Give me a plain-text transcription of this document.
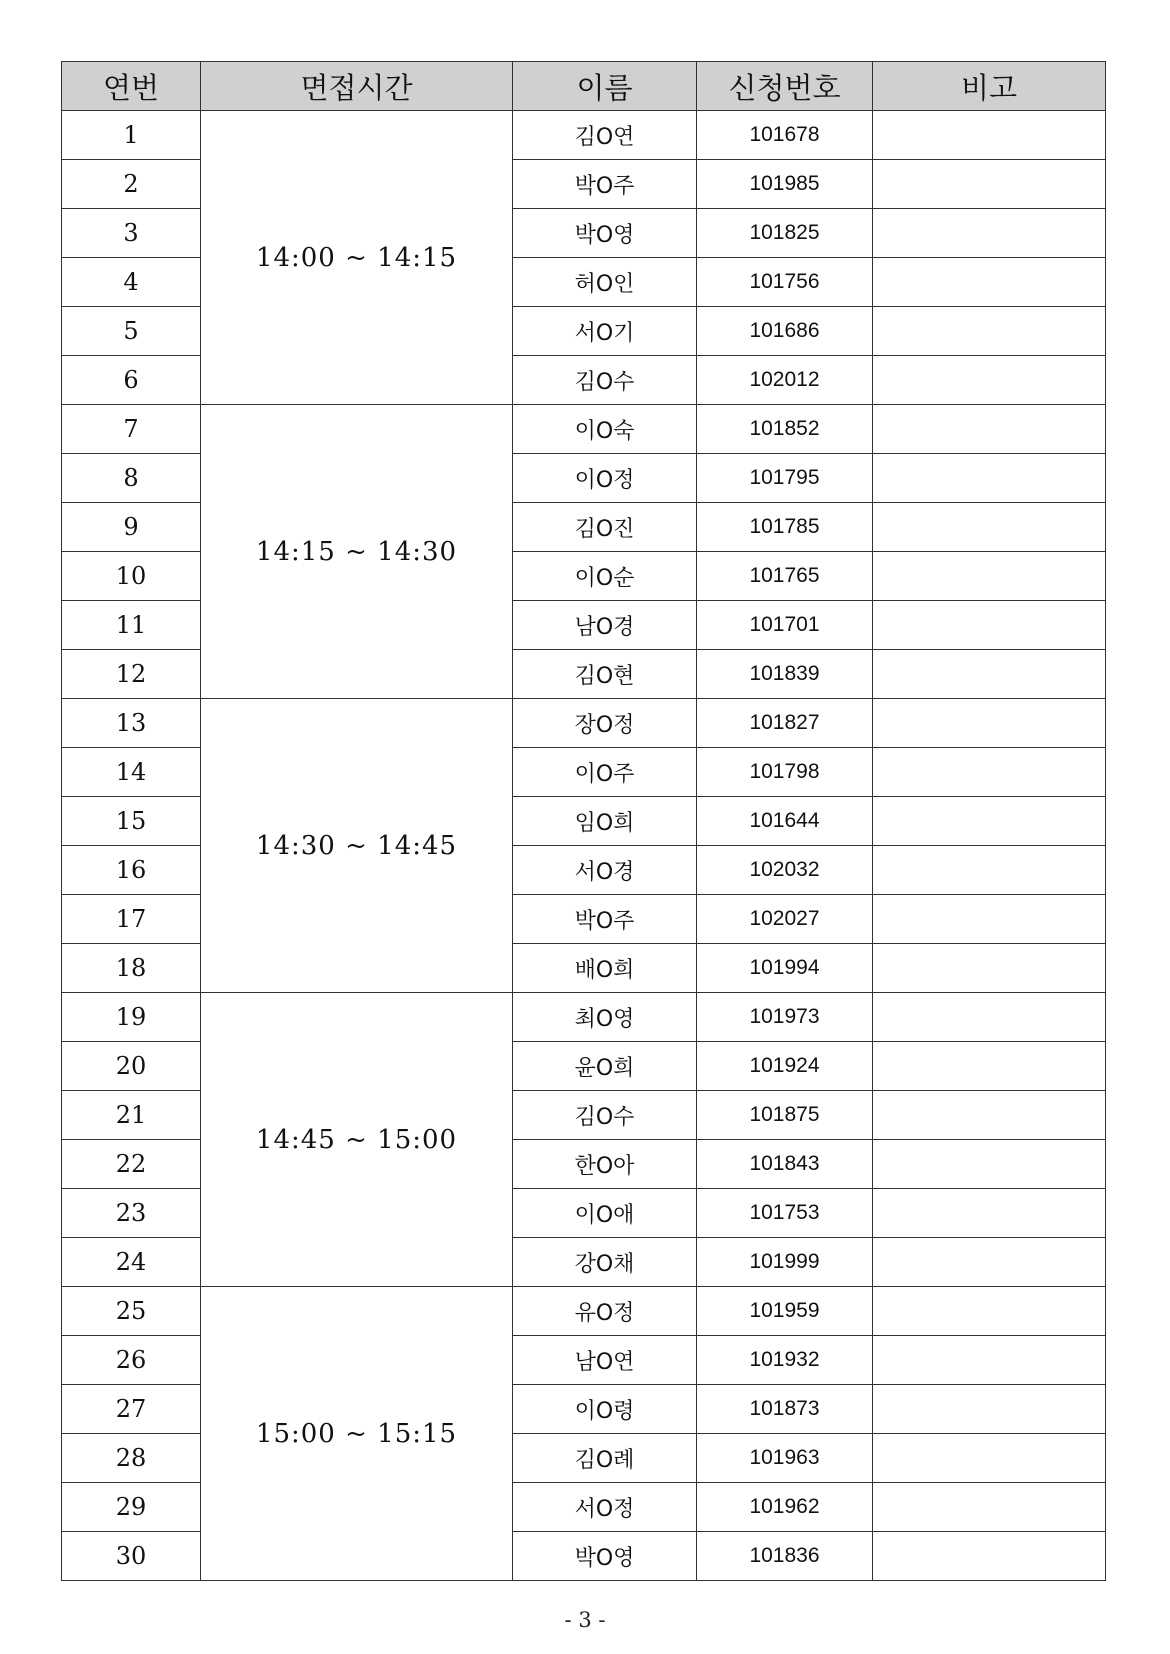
연번	면접시간	이름	신청번호	비고
1	14:00 ~ 14:15	김O연	101678	
2		박O주	101985	
3		박O영	101825	
4		허O인	101756	
5		서O기	101686	
6		김O수	102012	
7	14:15 ~ 14:30	이O숙	101852	
8		이O정	101795	
9		김O진	101785	
10		이O순	101765	
11		남O경	101701	
12		김O현	101839	
13	14:30 ~ 14:45	장O정	101827	
14		이O주	101798	
15		임O희	101644	
16		서O경	102032	
17		박O주	102027	
18		배O희	101994	
19	14:45 ~ 15:00	최O영	101973	
20		윤O희	101924	
21		김O수	101875	
22		한O아	101843	
23		이O애	101753	
24		강O채	101999	
25	15:00 ~ 15:15	유O정	101959	
26		남O연	101932	
27		이O령	101873	
28		김O례	101963	
29		서O정	101962	
30		박O영	101836	
- 3 -
